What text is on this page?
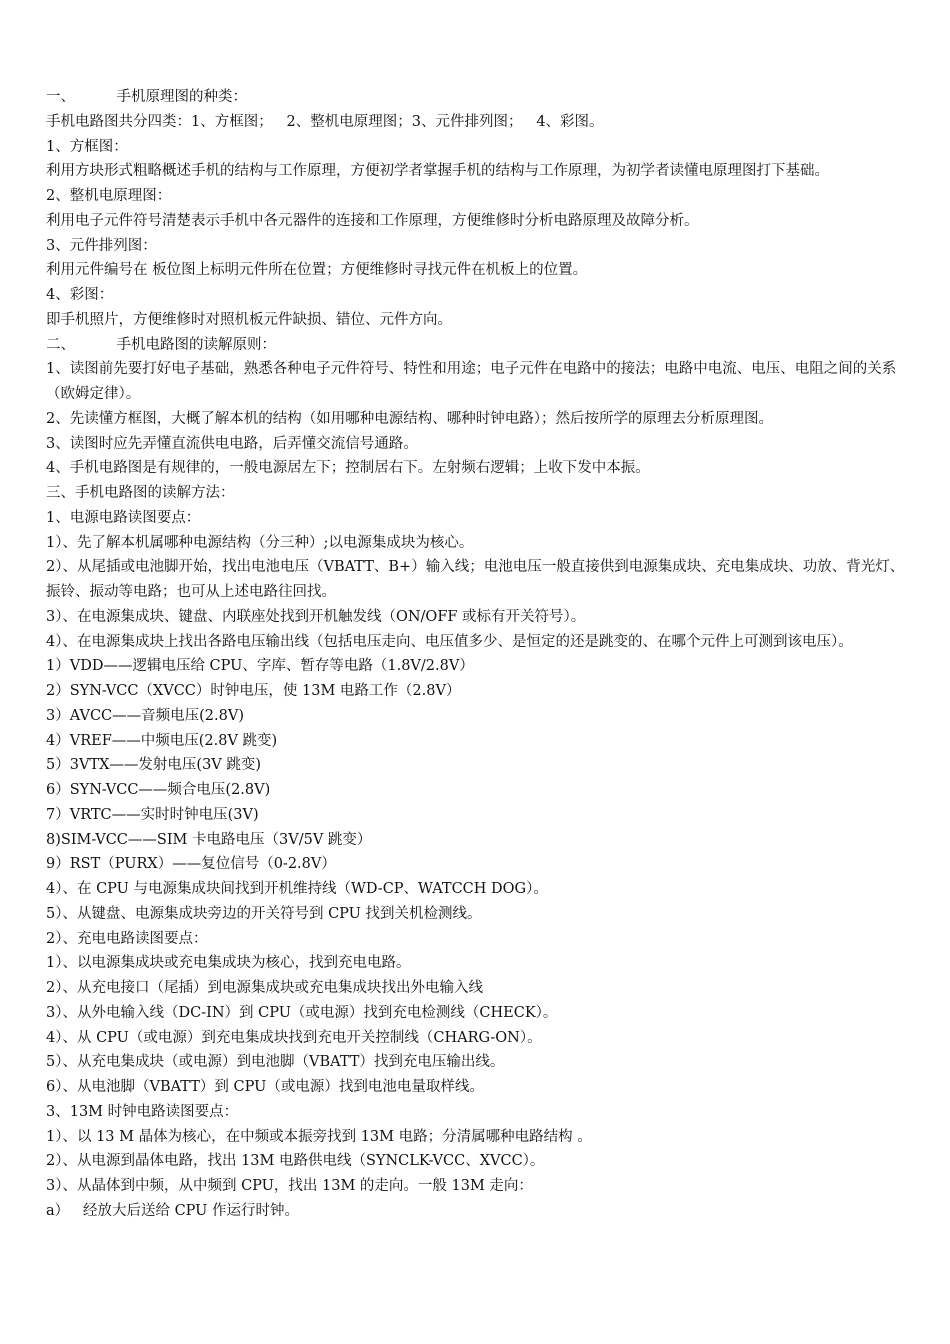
一、         手机原理图的种类：

手机电路图共分四类：1、方框图；   2、整机电原理图；3、元件排列图；   4、彩图。

1、方框图：

利用方块形式粗略概述手机的结构与工作原理，方便初学者掌握手机的结构与工作原理，为初学者读懂电原理图打下基础。

2、整机电原理图：

利用电子元件符号清楚表示手机中各元器件的连接和工作原理，方便维修时分析电路原理及故障分析。

3、元件排列图：

利用元件编号在 板位图上标明元件所在位置；方便维修时寻找元件在机板上的位置。

4、彩图：

即手机照片，方便维修时对照机板元件缺损、错位、元件方向。

二、         手机电路图的读解原则：

1、读图前先要打好电子基础，熟悉各种电子元件符号、特性和用途；电子元件在电路中的接法；电路中电流、电压、电阻之间的关系（欧姆定律）。

2、先读懂方框图，大概了解本机的结构（如用哪种电源结构、哪种时钟电路）；然后按所学的原理去分析原理图。

3、读图时应先弄懂直流供电电路，后弄懂交流信号通路。

4、手机电路图是有规律的，一般电源居左下；控制居右下。左射频右逻辑；上收下发中本振。

三、手机电路图的读解方法：

1、电源电路读图要点：

1）、先了解本机属哪种电源结构（分三种）;以电源集成块为核心。

2）、从尾插或电池脚开始，找出电池电压（VBATT、B+）输入线；电池电压一般直接供到电源集成块、充电集成块、功放、背光灯、振铃、振动等电路；也可从上述电路往回找。

3）、在电源集成块、键盘、内联座处找到开机触发线（ON/OFF 或标有开关符号）。

4）、在电源集成块上找出各路电压输出线（包括电压走向、电压值多少、是恒定的还是跳变的、在哪个元件上可测到该电压）。

1）VDD——逻辑电压给 CPU、字库、暂存等电路（1.8V/2.8V）

2）SYN-VCC（XVCC）时钟电压，使 13M 电路工作（2.8V）

3）AVCC——音频电压(2.8V)

4）VREF——中频电压(2.8V 跳变)

5）3VTX——发射电压(3V 跳变)

6）SYN-VCC——频合电压(2.8V)

7）VRTC——实时时钟电压(3V)

8)SIM-VCC——SIM 卡电路电压（3V/5V 跳变）

9）RST（PURX）——复位信号（0-2.8V）

4）、在 CPU 与电源集成块间找到开机维持线（WD-CP、WATCCH DOG）。

5）、从键盘、电源集成块旁边的开关符号到 CPU 找到关机检测线。

2）、充电电路读图要点：

1）、以电源集成块或充电集成块为核心，找到充电电路。

2）、从充电接口（尾插）到电源集成块或充电集成块找出外电输入线

3）、从外电输入线（DC-IN）到 CPU（或电源）找到充电检测线（CHECK）。

4）、从 CPU（或电源）到充电集成块找到充电开关控制线（CHARG-ON）。

5）、从充电集成块（或电源）到电池脚（VBATT）找到充电压输出线。

6）、从电池脚（VBATT）到 CPU（或电源）找到电池电量取样线。

3、13M 时钟电路读图要点：

1）、以 13 M 晶体为核心，在中频或本振旁找到 13M 电路；分清属哪种电路结构 。

2）、从电源到晶体电路，找出 13M 电路供电线（SYNCLK-VCC、XVCC）。

3）、从晶体到中频，从中频到 CPU，找出 13M 的走向。一般 13M 走向：

a）   经放大后送给 CPU 作运行时钟。
